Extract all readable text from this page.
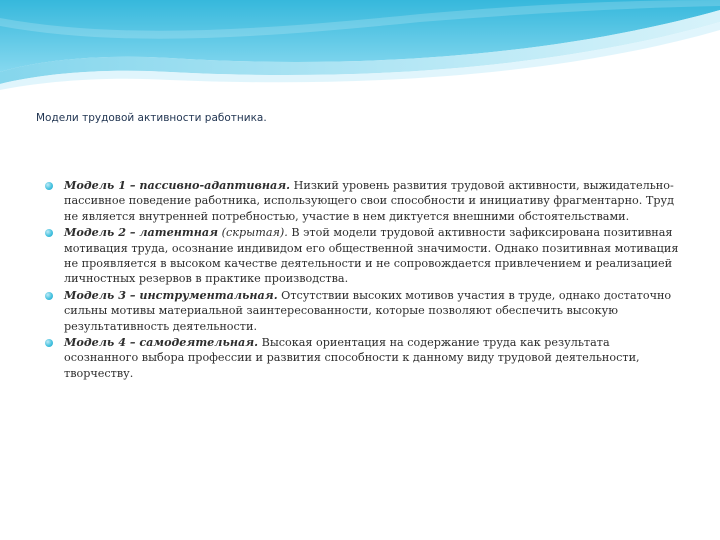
Модели трудовой активности работника.
Модель 1 – пассивно-адаптивная. Низкий уровень развития трудовой активности, выжидательно- пассивное поведение работника, использующего свои способности и инициативу фрагментарно. Труд не является внутренней потребностью, участие в нем диктуется внешними обстоятельствами.
Модель 2 – латентная (скрытая). В этой модели трудовой активности зафиксирована позитивная мотивация труда, осознание индивидом его общественной значимости. Однако позитивная мотивация не проявляется в высоком качестве деятельности и не сопровождается привлечением и реализацией личностных резервов в практике производства.
Модель 3 – инструментальная. Отсутствии высоких мотивов участия в труде, однако достаточно сильны мотивы материальной заинтересованности, которые позволяют обеспечить высокую результативность деятельности.
Модель 4 – самодеятельная. Высокая ориентация на содержание труда как результата осознанного выбора профессии и развития способности к данному виду трудовой деятельности, творчеству.
